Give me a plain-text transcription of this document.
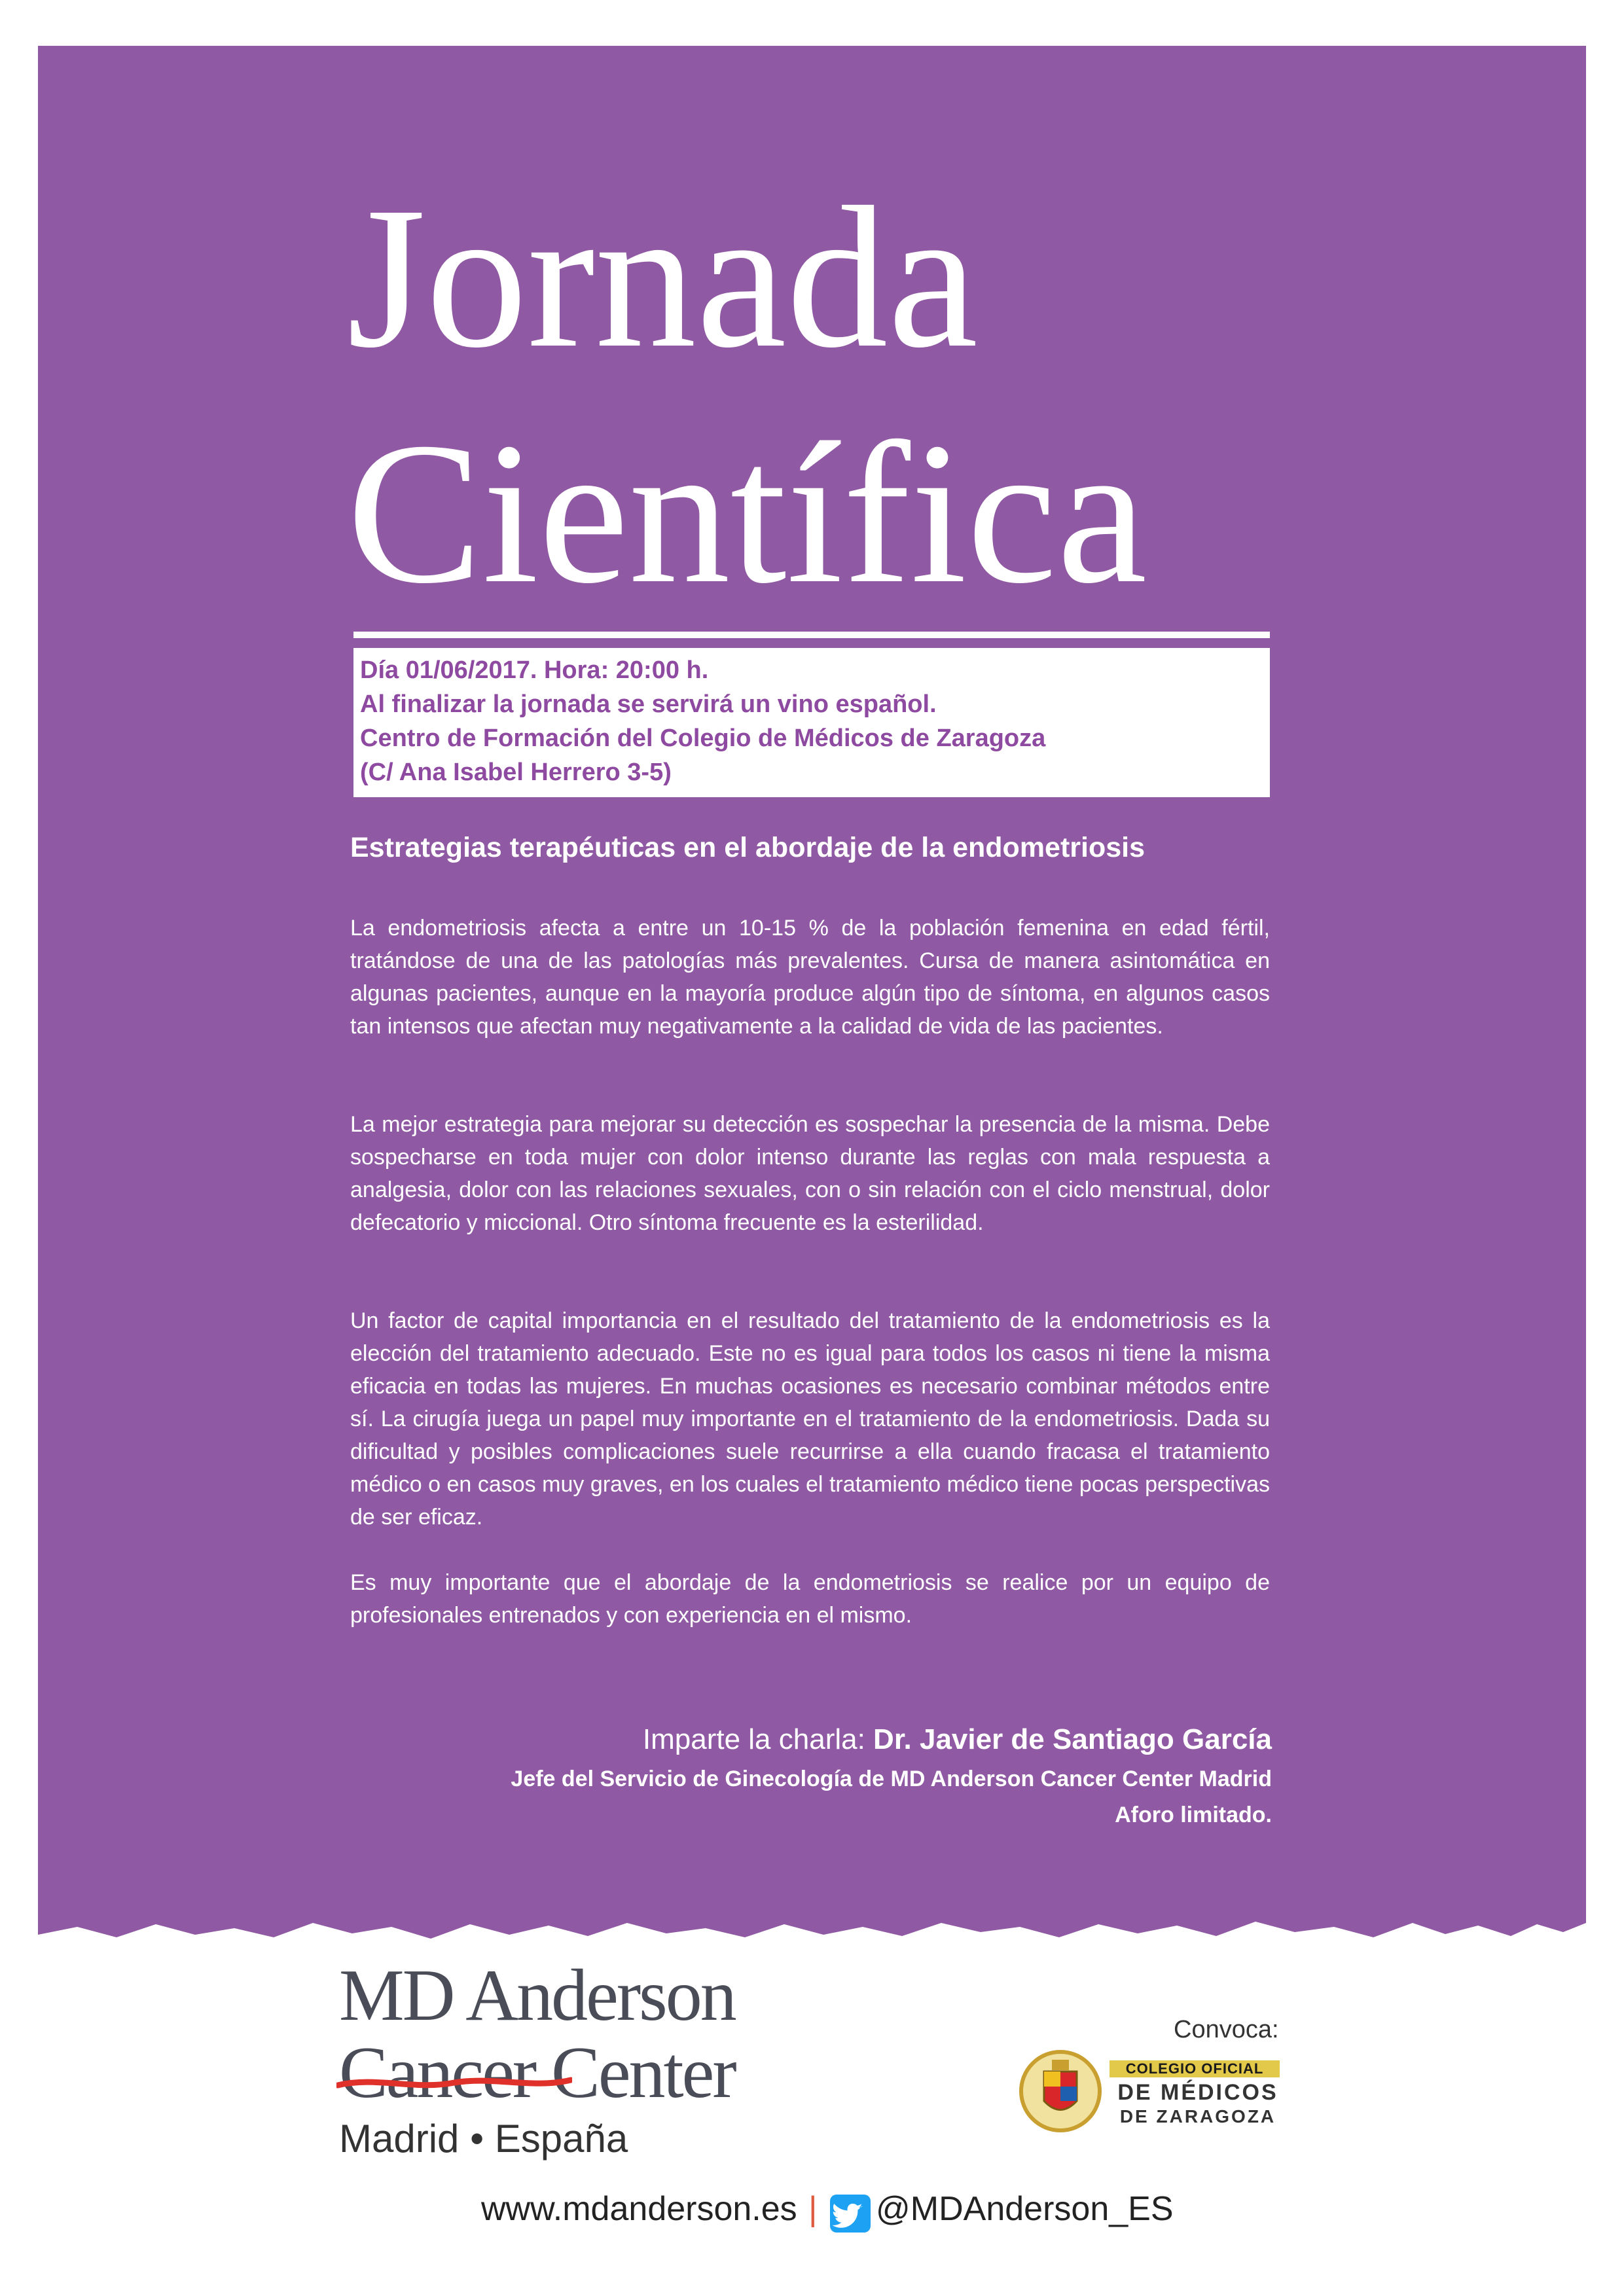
Jornada
Científica
Día 01/06/2017. Hora: 20:00 h.
Al finalizar la jornada se servirá un vino español.
Centro de Formación del Colegio de Médicos de Zaragoza
(C/ Ana Isabel Herrero 3-5)
Estrategias terapéuticas en el abordaje de la endometriosis

La endometriosis afecta a entre un 10-15 % de la población femenina en edad fértil, tratándose de una de las patologías más prevalentes. Cursa de manera asintomática en algunas pacientes, aunque en la mayoría produce algún tipo de síntoma, en algunos casos tan intensos que afectan muy negativamente a la calidad de vida de las pacientes.

La mejor estrategia para mejorar su detección es sospechar la presencia de la misma. Debe sospecharse en toda mujer con dolor intenso durante las reglas con mala respuesta a analgesia, dolor con las relaciones sexuales, con o sin relación con el ciclo menstrual, dolor defecatorio y miccional. Otro síntoma frecuente es la esterilidad.

Un factor de capital importancia en el resultado del tratamiento de la endometriosis es la elección del tratamiento adecuado. Este no es igual para todos los casos ni tiene la misma eficacia en todas las mujeres. En muchas ocasiones es necesario combinar métodos entre sí. La cirugía juega un papel muy importante en el tratamiento de la endometriosis. Dada su dificultad y posibles complicaciones suele recurrirse a ella cuando fracasa el tratamiento médico o en casos muy graves, en los cuales el tratamiento médico tiene pocas perspectivas de ser eficaz.

Es muy importante que el abordaje de la endometriosis se realice por un equipo de profesionales entrenados y con experiencia en el mismo.

Imparte la charla: Dr. Javier de Santiago García
Jefe del Servicio de Ginecología de MD Anderson Cancer Center Madrid
Aforo limitado.
MD Anderson
Cancer
Center
Madrid • España
Convoca:
COLEGIO OFICIAL
DE MÉDICOS
DE ZARAGOZA
www.mdanderson.es | @MDAnderson_ES
